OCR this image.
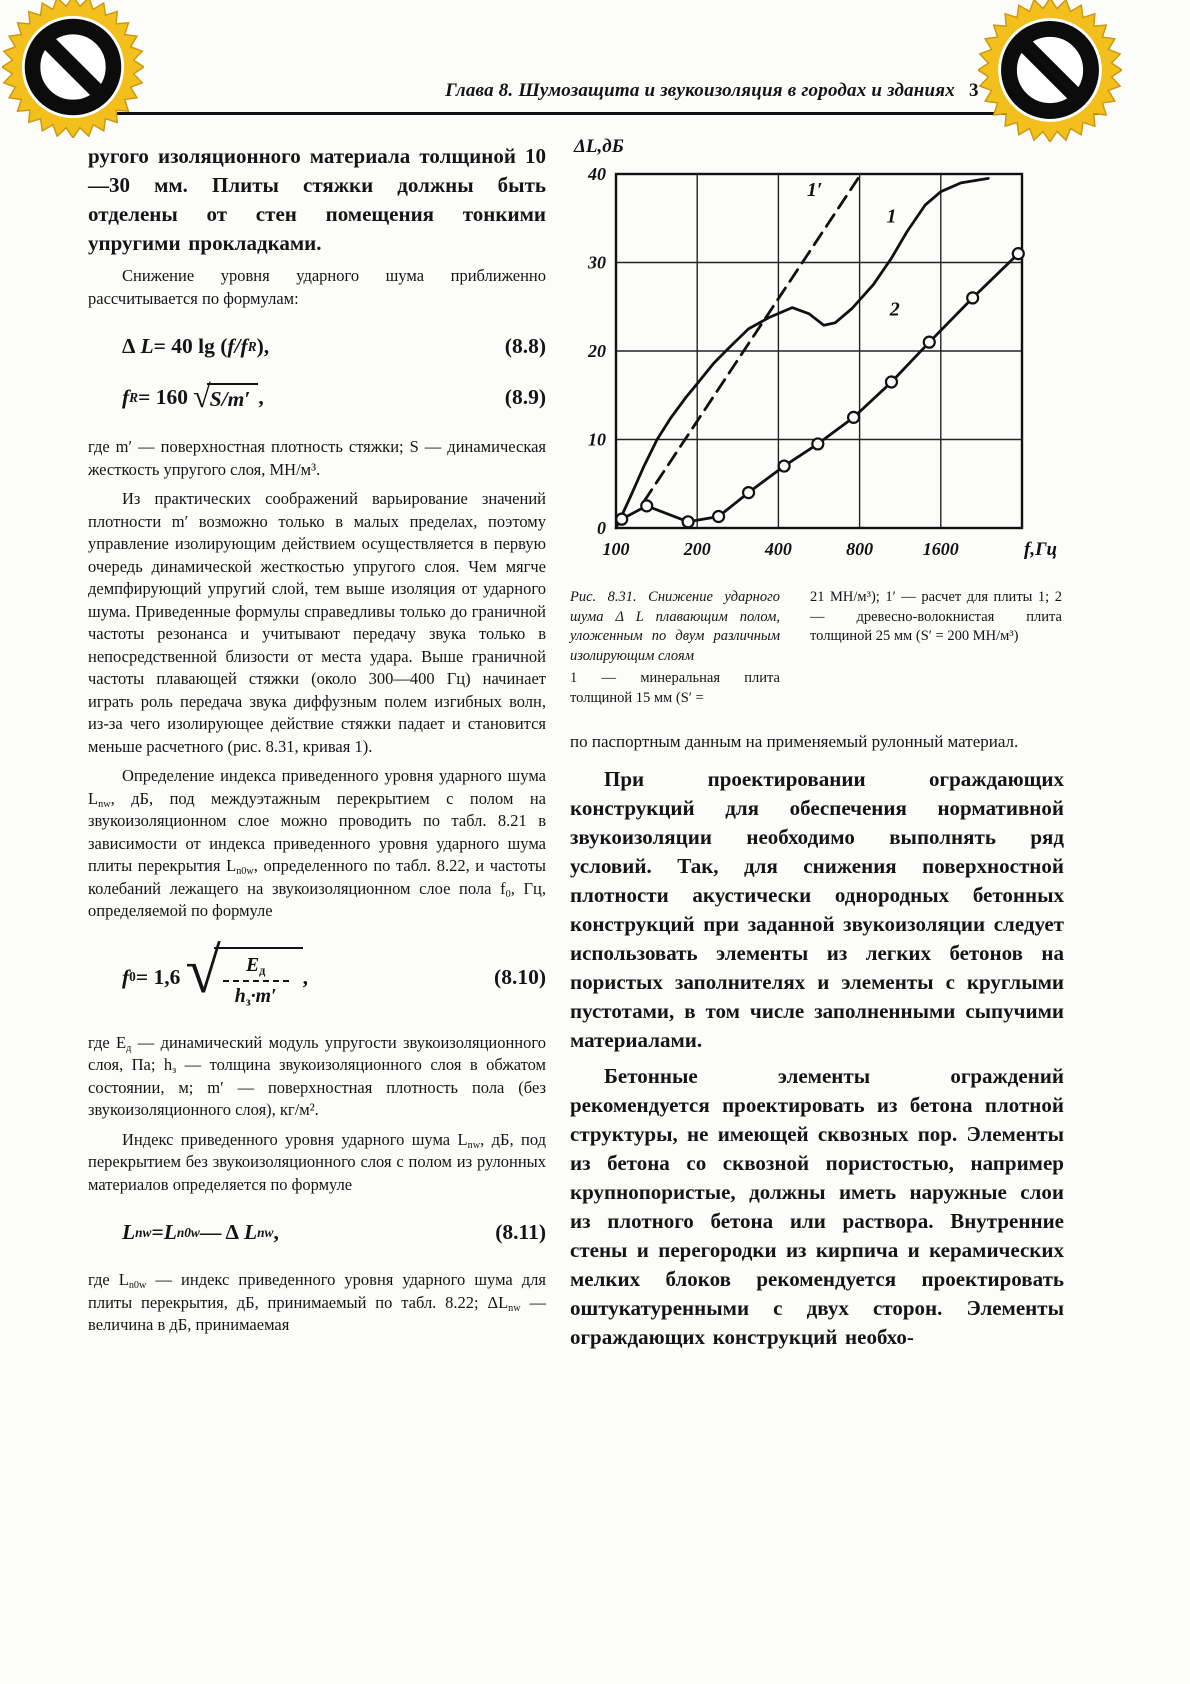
Глава 8. Шумозащита и звукоизоляция в городах и зданиях 3

ругого изоляционного материала толщиной 10—30 мм. Плиты стяжки должны быть отделены от стен помещения тонкими упругими прокладками.

Снижение уровня ударного шума приближенно рассчитывается по формулам:

Δ L = 40 lg ( f/f R ),	(8.8)
f R = 160 √ S/m′ ,	(8.9)

где m′ — поверхностная плотность стяжки; S — динамическая жесткость упругого слоя, МН/м³.

Из практических соображений варьирование значений плотности m′ возможно только в малых пределах, поэтому управление изолирующим действием осуществляется в первую очередь динамической жесткостью упругого слоя. Чем мягче демпфирующий упругий слой, тем выше изоляция от ударного шума. Приведенные формулы справедливы только до граничной частоты резонанса и учитывают передачу звука только в непосредственной близости от места удара. Выше граничной частоты плавающей стяжки (около 300—400 Гц) начинает играть роль передача звука диффузным полем изгибных волн, из-за чего изолирующее действие стяжки падает и становится меньше расчетного (рис. 8.31, кривая 1).

Определение индекса приведенного уровня ударного шума $L_{nw}$, дБ, под междуэтажным перекрытием с полом на звукоизоляционном слое можно проводить по табл. 8.21 в зависимости от индекса приведенного уровня ударного шума плиты перекрытия $L_{n0w}$, определенного по табл. 8.22, и частоты колебаний лежащего на звукоизоляционном слое пола $f_0$, Гц, определяемой по формуле

f 0 = 1,6 √ $\frac{E_д}{h_з\cdot m'}$ ,	(8.10)

где $E_д$ — динамический модуль упругости звукоизоляционного слоя, Па; $h_з$ — толщина звукоизоляционного слоя в обжатом состоянии, м; m′ — поверхностная плотность пола (без звукоизоляционного слоя), кг/м².

Индекс приведенного уровня ударного шума $L_{nw}$, дБ, под перекрытием без звукоизоляционного слоя с полом из рулонных материалов определяется по формуле

L nw = L n0w — Δ L nw ,	(8.11)

где $L_{n0w}$ — индекс приведенного уровня ударного шума для плиты перекрытия, дБ, принимаемый по табл. 8.22; $\Delta L_{nw}$ — величина в дБ, принимаемая

0
10
20
30
40
100	200	400	800	1600	f,Гц
ΔL,дБ
1′
1
2
Рис. 8.31. Снижение ударного шума Δ L плавающим полом, уложенным по двум различным изолирующим слоям
1 — минеральная плита толщиной 15 мм (S′ =
21 МН/м³); 1′ — расчет для плиты 1; 2 — древесно-волокнистая плита толщиной 25 мм (S′ = 200 МН/м³)

по паспортным данным на применяемый рулонный материал.

При проектировании ограждающих конструкций для обеспечения нормативной звукоизоляции необходимо выполнять ряд условий. Так, для снижения поверхностной плотности акустически однородных бетонных конструкций при заданной звукоизоляции следует использовать элементы из легких бетонов на пористых заполнителях и элементы с круглыми пустотами, в том числе заполненными сыпучими материалами.

Бетонные элементы ограждений рекомендуется проектировать из бетона плотной структуры, не имеющей сквозных пор. Элементы из бетона со сквозной пористостью, например крупнопористые, должны иметь наружные слои из плотного бетона или раствора. Внутренние стены и перегородки из кирпича и керамических мелких блоков рекомендуется проектировать оштукатуренными с двух сторон. Элементы ограждающих конструкций необхо-
